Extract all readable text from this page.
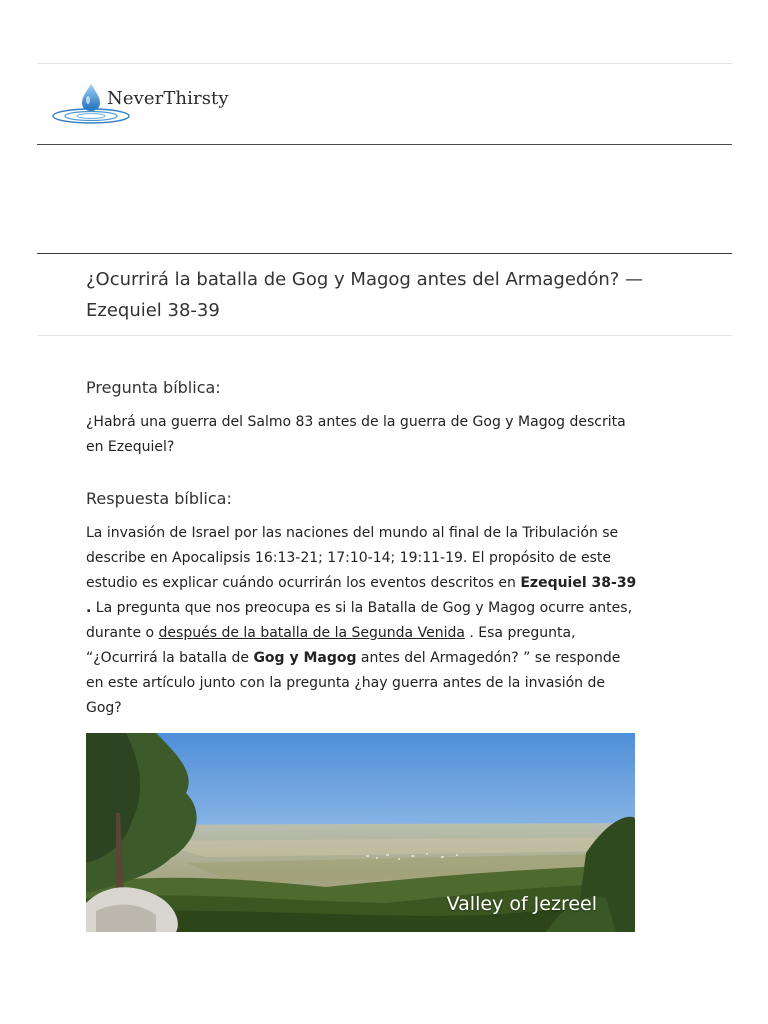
NeverThirsty
¿Ocurrirá la batalla de Gog y Magog antes del Armagedón? — Ezequiel 38-39
Pregunta bíblica:

¿Habrá una guerra del Salmo 83 antes de la guerra de Gog y Magog descrita en Ezequiel?

Respuesta bíblica:

La invasión de Israel por las naciones del mundo al final de la Tribulación se describe en Apocalipsis 16:13-21; 17:10-14; 19:11-19. El propósito de este estudio es explicar cuándo ocurrirán los eventos descritos en Ezequiel 38-39 . La pregunta que nos preocupa es si la Batalla de Gog y Magog ocurre antes, durante o después de la batalla de la Segunda Venida . Esa pregunta, “¿Ocurrirá la batalla de Gog y Magog antes del Armagedón? ” se responde en este artículo junto con la pregunta ¿hay guerra antes de la invasión de Gog?

Valley of Jezreel
